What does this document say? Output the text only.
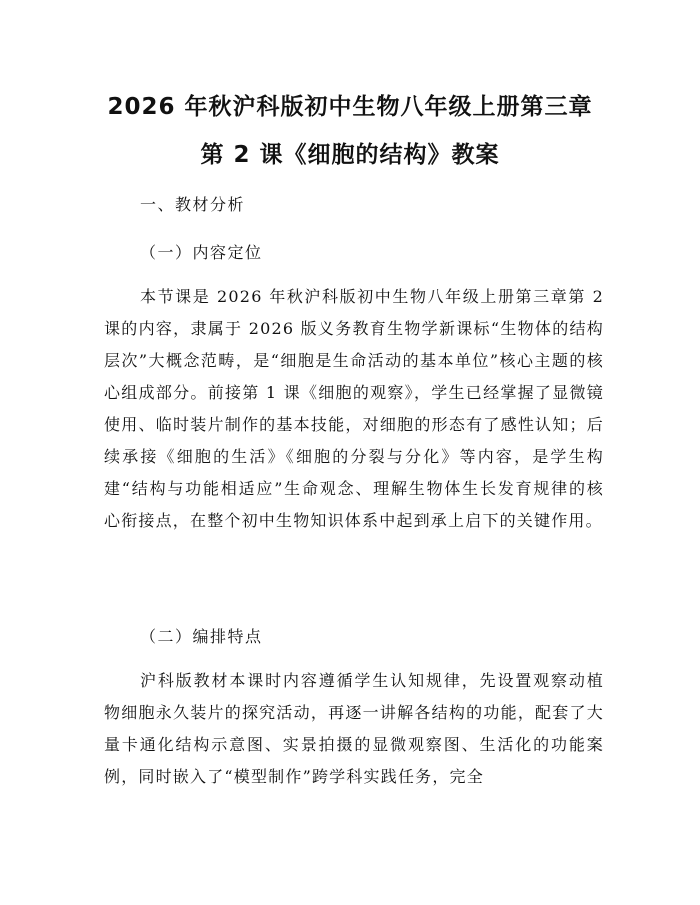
2026 年秋沪科版初中生物八年级上册第三章
第 2 课《细胞的结构》教案
一、教材分析
（一）内容定位

本节课是 2026 年秋沪科版初中生物八年级上册第三章第 2 课的内容，隶属于 2026 版义务教育生物学新课标“生物体的结构层次”大概念范畴，是“细胞是生命活动的基本单位”核心主题的核心组成部分。前接第 1 课《细胞的观察》，学生已经掌握了显微镜使用、临时装片制作的基本技能，对细胞的形态有了感性认知；后续承接《细胞的生活》《细胞的分裂与分化》等内容，是学生构建“结构与功能相适应”生命观念、理解生物体生长发育规律的核心衔接点，在整个初中生物知识体系中起到承上启下的关键作用。

（二）编排特点

沪科版教材本课时内容遵循学生认知规律，先设置观察动植物细胞永久装片的探究活动，再逐一讲解各结构的功能，配套了大量卡通化结构示意图、实景拍摄的显微观察图、生活化的功能案例，同时嵌入了“模型制作”跨学科实践任务，完全
